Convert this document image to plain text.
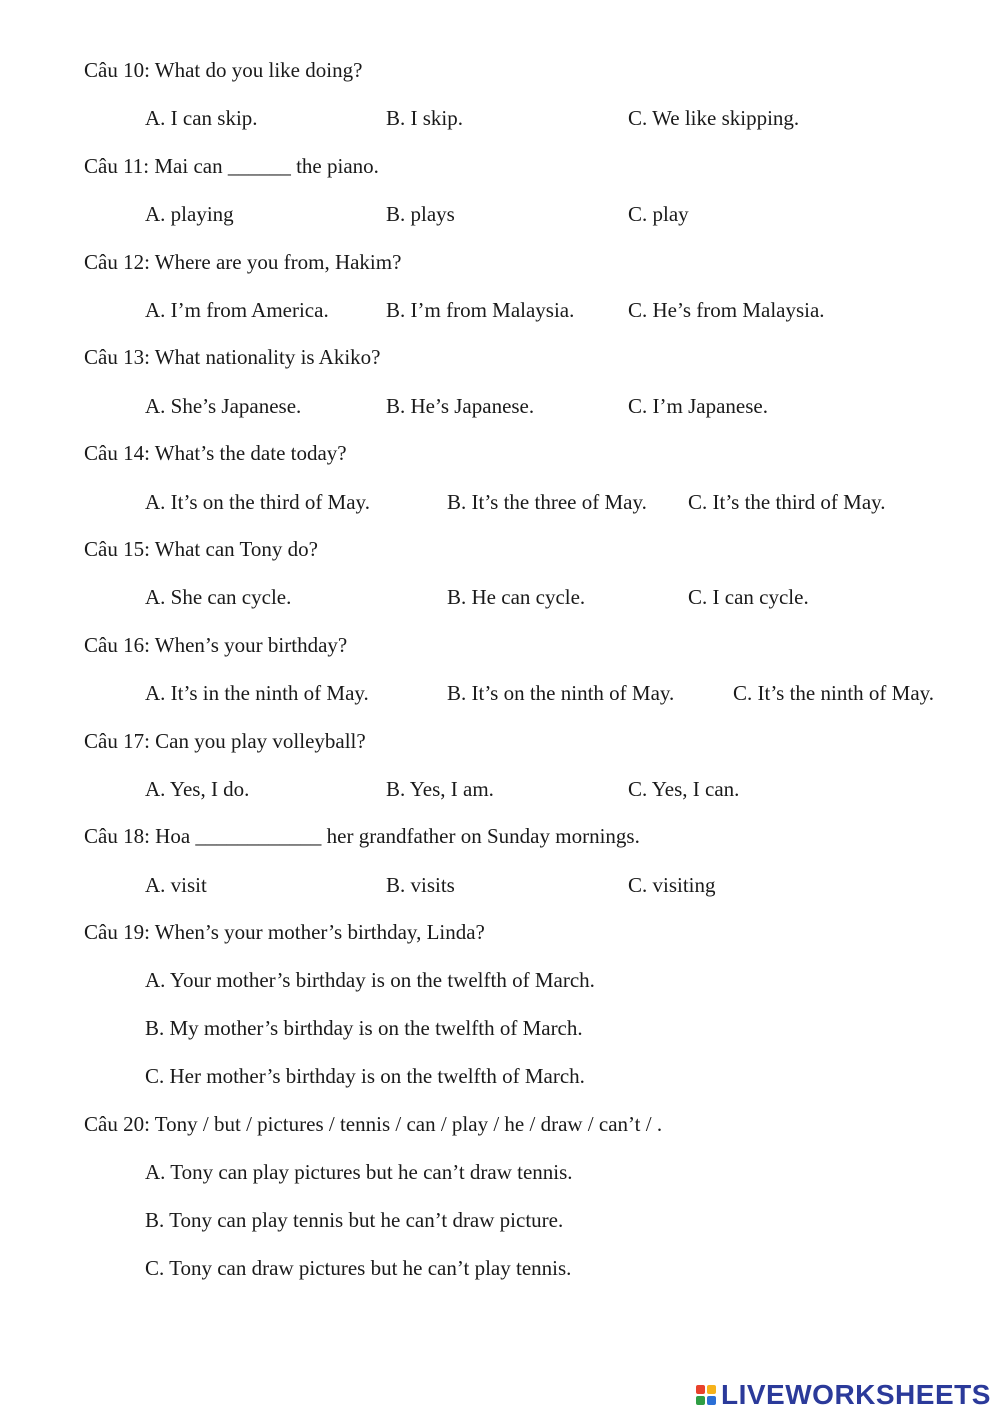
Câu 10: What do you like doing?
A. I can skip.	B. I skip.	C. We like skipping.
Câu 11: Mai can ______ the piano.
A. playing	B. plays	C. play
Câu 12: Where are you from, Hakim?
A. I’m from America.	B. I’m from Malaysia.	C. He’s from Malaysia.
Câu 13: What nationality is Akiko?
A. She’s Japanese.	B. He’s Japanese.	C. I’m Japanese.
Câu 14: What’s the date today?
A. It’s on the third of May.	B. It’s the three of May. C. It’s the third of May.
Câu 15: What can Tony do?
A. She can cycle.	B. He can cycle.	C. I can cycle.
Câu 16: When’s your birthday?
A. It’s in the ninth of May.	B. It’s on the ninth of May.	C. It’s the ninth of May.
Câu 17: Can you play volleyball?
A. Yes, I do.	B. Yes, I am.	C. Yes, I can.
Câu 18: Hoa ____________ her grandfather on Sunday mornings.
A. visit	B. visits	C. visiting
Câu 19: When’s your mother’s birthday, Linda?
A. Your mother’s birthday is on the twelfth of March.
B. My mother’s birthday is on the twelfth of March.
C. Her mother’s birthday is on the twelfth of March.
Câu 20: Tony / but / pictures / tennis / can / play / he / draw / can’t / .
A. Tony can play pictures but he can’t draw tennis.
B. Tony can play tennis but he can’t draw picture.
C. Tony can draw pictures but he can’t play tennis.
LIVEWORKSHEETS
